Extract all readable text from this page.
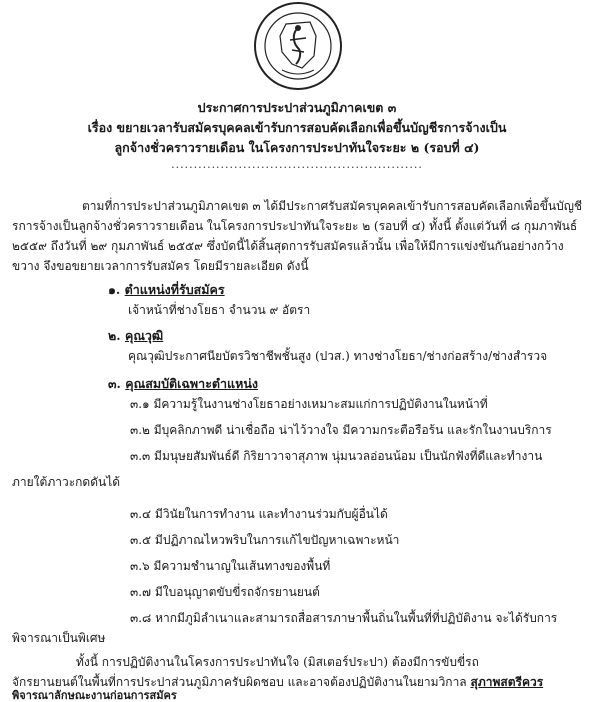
ประกาศการประปาส่วนภูมิภาคเขต ๓
เรื่อง ขยายเวลารับสมัครบุคคลเข้ารับการสอบคัดเลือกเพื่อขึ้นบัญชีรการจ้างเป็น
ลูกจ้างชั่วคราวรายเดือน ในโครงการประปาทันใจระยะ ๒ (รอบที่ ๔)
........................................................
ตามที่การประปาส่วนภูมิภาคเขต ๓ ได้มีประกาศรับสมัครบุคคลเข้ารับการสอบคัดเลือกเพื่อขึ้นบัญชีรการจ้างเป็นลูกจ้างชั่วคราวรายเดือน ในโครงการประปาทันใจระยะ ๒ (รอบที่ ๔) ทั้งนี้ ตั้งแต่วันที่ ๘ กุมภาพันธ์ ๒๕๕๙ ถึงวันที่ ๒๙ กุมภาพันธ์ ๒๕๕๙ ซึ่งบัดนี้ได้สิ้นสุดการรับสมัครแล้วนั้น เพื่อให้มีการแข่งขันกันอย่างกว้างขวาง จึงขอขยายเวลาการรับสมัคร โดยมีรายละเอียด ดังนี้
๑. ตำแหน่งที่รับสมัคร
เจ้าหน้าที่ช่างโยธา จำนวน ๙ อัตรา
๒. คุณวุฒิ
คุณวุฒิประกาศนียบัตรวิชาชีพชั้นสูง (ปวส.) ทางช่างโยธา/ช่างก่อสร้าง/ช่างสำรวจ
๓. คุณสมบัติเฉพาะตำแหน่ง
๓.๑ มีความรู้ในงานช่างโยธาอย่างเหมาะสมแก่การปฏิบัติงานในหน้าที่
๓.๒ มีบุคลิกภาพดี น่าเชื่อถือ น่าไว้วางใจ มีความกระตือรือร้น และรักในงานบริการ
๓.๓ มีมนุษยสัมพันธ์ดี กิริยาวาจาสุภาพ นุ่มนวลอ่อนน้อม เป็นนักฟังที่ดีและทำงาน
ภายใต้ภาวะกดดันได้
๓.๔ มีวินัยในการทำงาน และทำงานร่วมกับผู้อื่นได้
๓.๕ มีปฏิภาณไหวพริบในการแก้ไขปัญหาเฉพาะหน้า
๓.๖ มีความชำนาญในเส้นทางของพื้นที่
๓.๗ มีใบอนุญาตขับขี่รถจักรยานยนต์
๓.๘ หากมีภูมิลำเนาและสามารถสื่อสารภาษาพื้นถิ่นในพื้นที่ที่ปฏิบัติงาน จะได้รับการ
พิจารณาเป็นพิเศษ
ทั้งนี้ การปฏิบัติงานในโครงการประปาทันใจ (มิสเตอร์ประปา) ต้องมีการขับขี่รถ
จักรยานยนต์ในพื้นที่การประปาส่วนภูมิภาครับผิดชอบ และอาจต้องปฏิบัติงานในยามวิกาล สุภาพสตรีควร
พิจารณาลักษณะงานก่อนการสมัคร
